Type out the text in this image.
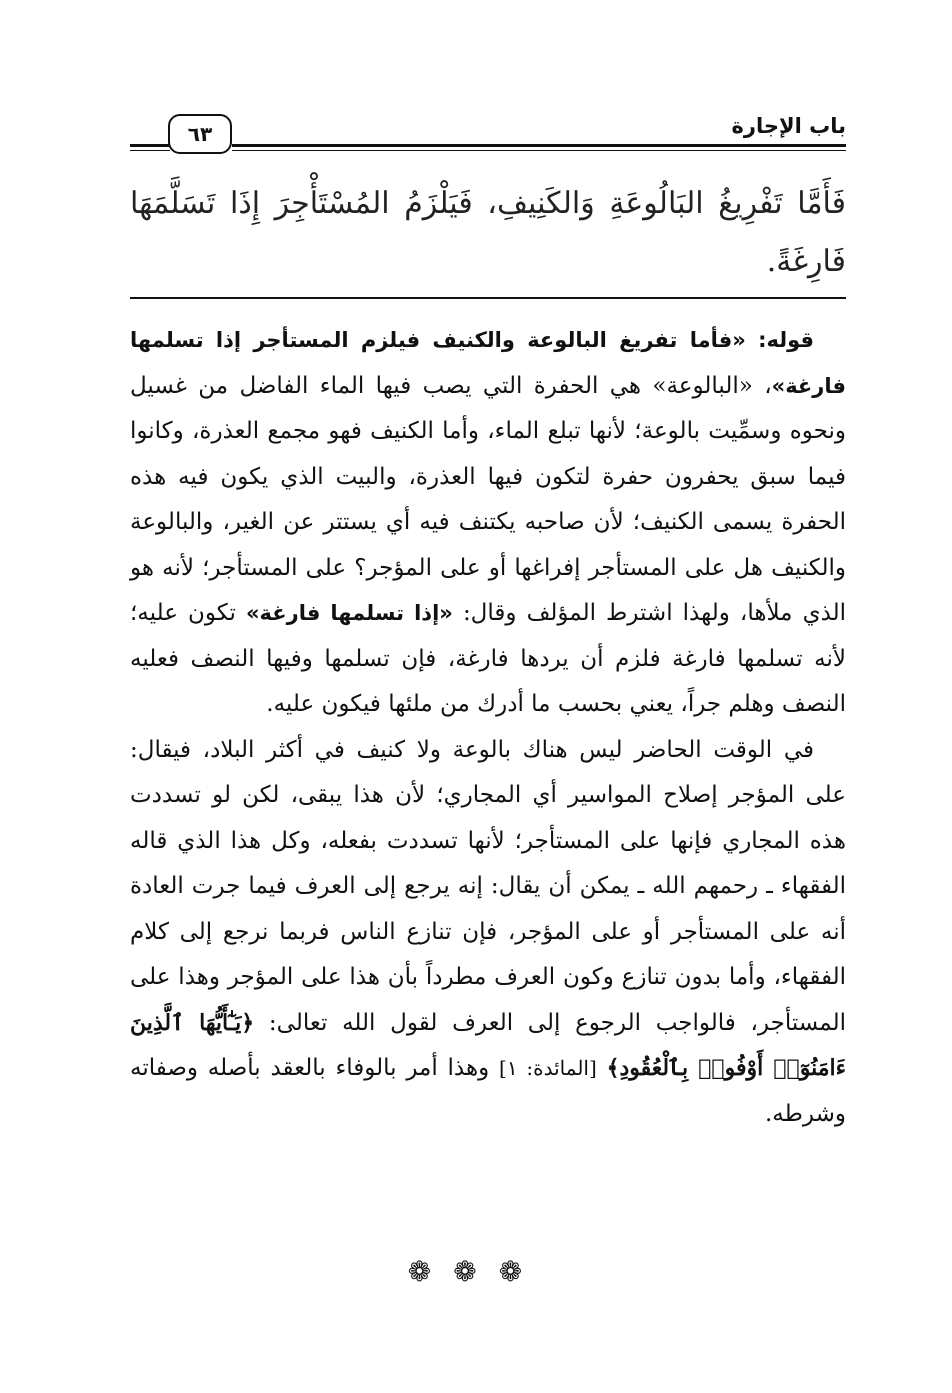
باب الإجارة
٦٣
فَأَمَّا تَفْرِيغُ البَالُوعَةِ وَالكَنِيفِ، فَيَلْزَمُ المُسْتَأْجِرَ إِذَا تَسَلَّمَهَا فَارِغَةً.

قوله: «فأما تفريغ البالوعة والكنيف فيلزم المستأجر إذا تسلمها فارغة»، «البالوعة» هي الحفرة التي يصب فيها الماء الفاضل من غسيل ونحوه وسمِّيت بالوعة؛ لأنها تبلع الماء، وأما الكنيف فهو مجمع العذرة، وكانوا فيما سبق يحفرون حفرة لتكون فيها العذرة، والبيت الذي يكون فيه هذه الحفرة يسمى الكنيف؛ لأن صاحبه يكتنف فيه أي يستتر عن الغير، والبالوعة والكنيف هل على المستأجر إفراغها أو على المؤجر؟ على المستأجر؛ لأنه هو الذي ملأها، ولهذا اشترط المؤلف وقال: «إذا تسلمها فارغة» تكون عليه؛ لأنه تسلمها فارغة فلزم أن يردها فارغة، فإن تسلمها وفيها النصف فعليه النصف وهلم جراً، يعني بحسب ما أدرك من ملئها فيكون عليه.

في الوقت الحاضر ليس هناك بالوعة ولا كنيف في أكثر البلاد، فيقال: على المؤجر إصلاح المواسير أي المجاري؛ لأن هذا يبقى، لكن لو تسددت هذه المجاري فإنها على المستأجر؛ لأنها تسددت بفعله، وكل هذا الذي قاله الفقهاء ـ رحمهم الله ـ يمكن أن يقال: إنه يرجع إلى العرف فيما جرت العادة أنه على المستأجر أو على المؤجر، فإن تنازع الناس فربما نرجع إلى كلام الفقهاء، وأما بدون تنازع وكون العرف مطرداً بأن هذا على المؤجر وهذا على المستأجر، فالواجب الرجوع إلى العرف لقول الله تعالى: ﴿يَـٰٓأَيُّهَا ٱلَّذِينَ ءَامَنُوٓا۟ أَوْفُوا۟ بِٱلْعُقُودِ﴾ [المائدة: ١] وهذا أمر بالوفاء بالعقد بأصله وصفاته وشرطه.

❁❁❁
